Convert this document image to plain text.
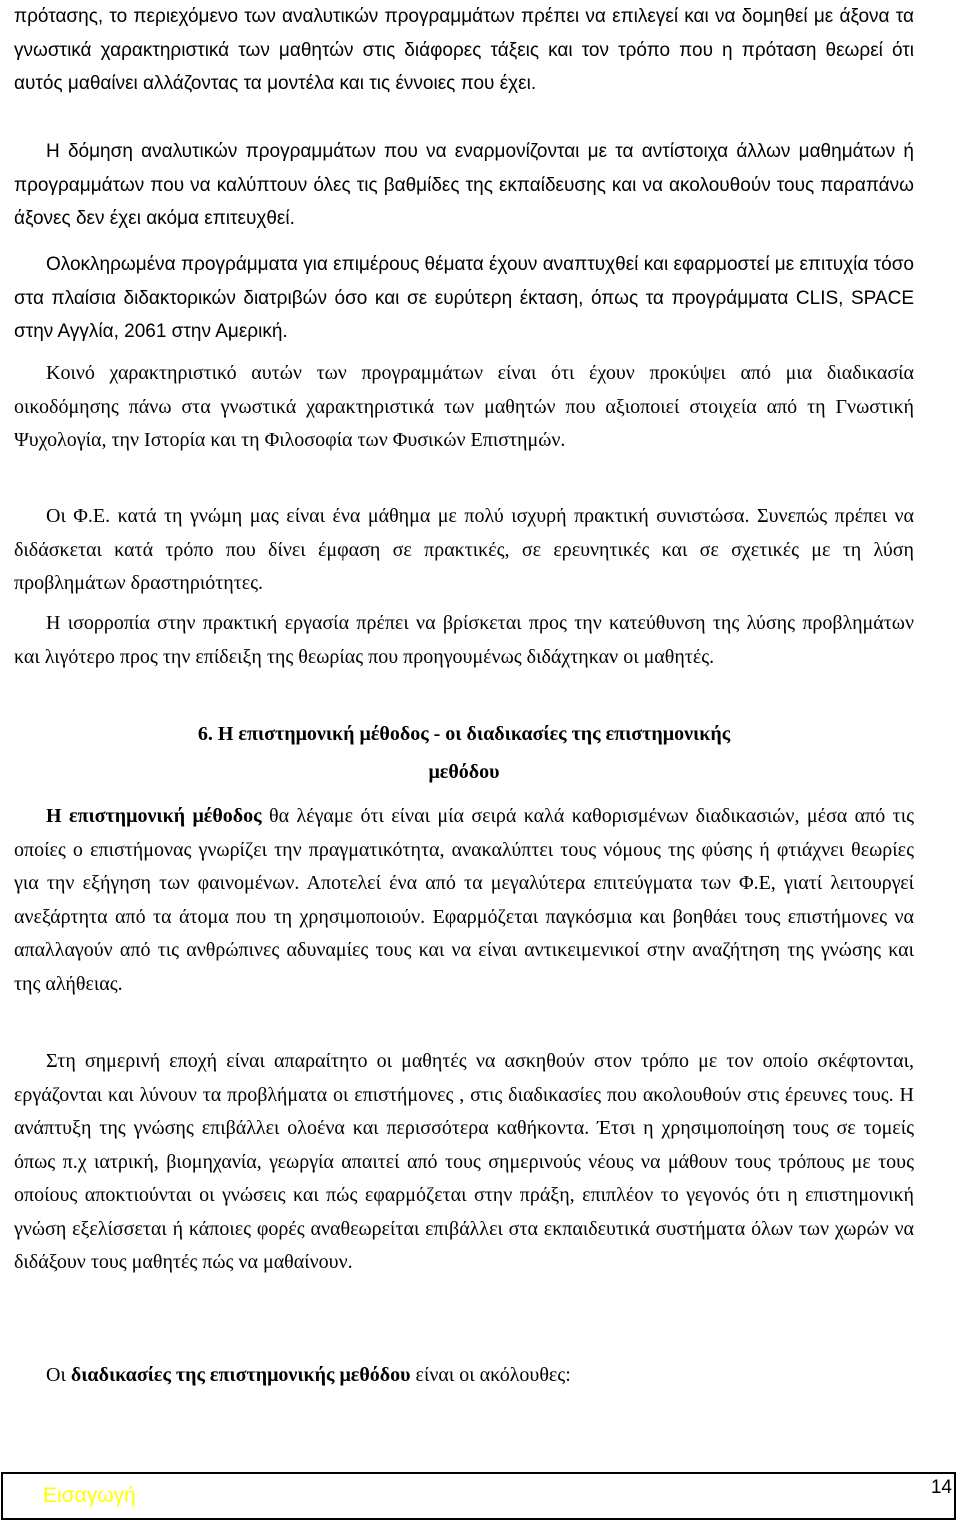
πρότασης, το περιεχόμενο των αναλυτικών προγραμμάτων πρέπει να επιλεγεί και να δομηθεί με άξονα τα γνωστικά χαρακτηριστικά των μαθητών στις διάφορες τάξεις και τον τρόπο που η πρόταση θεωρεί ότι αυτός μαθαίνει αλλάζοντας τα μοντέλα και τις έννοιες που έχει.

Η δόμηση αναλυτικών προγραμμάτων που να εναρμονίζονται με τα αντίστοιχα άλλων μαθημάτων ή προγραμμάτων που να καλύπτουν όλες τις βαθμίδες της εκπαίδευσης και να ακολουθούν τους παραπάνω άξονες δεν έχει ακόμα επιτευχθεί.

Ολοκληρωμένα προγράμματα για επιμέρους θέματα έχουν αναπτυχθεί και εφαρμοστεί με επιτυχία τόσο στα πλαίσια διδακτορικών διατριβών όσο και σε ευρύτερη έκταση, όπως τα προγράμματα CLIS, SPACE στην Αγγλία, 2061 στην Αμερική.

Κοινό χαρακτηριστικό αυτών των προγραμμάτων είναι ότι έχουν προκύψει από μια διαδικασία οικοδόμησης πάνω στα γνωστικά χαρακτηριστικά των μαθητών που αξιοποιεί στοιχεία από τη Γνωστική Ψυχολογία, την Ιστορία και τη Φιλοσοφία των Φυσικών Επιστημών.

Οι Φ.Ε. κατά τη γνώμη μας είναι ένα μάθημα με πολύ ισχυρή πρακτική συνιστώσα. Συνεπώς πρέπει να διδάσκεται κατά τρόπο που δίνει έμφαση σε πρακτικές, σε ερευνητικές και σε σχετικές με τη λύση προβλημάτων δραστηριότητες.

Η ισορροπία στην πρακτική εργασία πρέπει να βρίσκεται προς την κατεύθυνση της λύσης προβλημάτων και λιγότερο προς την επίδειξη της θεωρίας που προηγουμένως διδάχτηκαν οι μαθητές.

6. Η επιστημονική μέθοδος - οι διαδικασίες της επιστημονικής
μεθόδου

Η επιστημονική μέθοδος θα λέγαμε ότι είναι μία σειρά καλά καθορισμένων διαδικασιών, μέσα από τις οποίες ο επιστήμονας γνωρίζει την πραγματικότητα, ανακαλύπτει τους νόμους της φύσης ή φτιάχνει θεωρίες για την εξήγηση των φαινομένων. Αποτελεί ένα από τα μεγαλύτερα επιτεύγματα των Φ.Ε, γιατί λειτουργεί ανεξάρτητα από τα άτομα που τη χρησιμοποιούν. Εφαρμόζεται παγκόσμια και βοηθάει τους επιστήμονες να απαλλαγούν από τις ανθρώπινες αδυναμίες τους και να είναι αντικειμενικοί στην αναζήτηση της γνώσης και της αλήθειας.

Στη σημερινή εποχή είναι απαραίτητο οι μαθητές να ασκηθούν στον τρόπο με τον οποίο σκέφτονται, εργάζονται και λύνουν τα προβλήματα οι επιστήμονες , στις διαδικασίες που ακολουθούν στις έρευνες τους. Η ανάπτυξη της γνώσης επιβάλλει ολοένα και περισσότερα καθήκοντα. Έτσι η χρησιμοποίηση τους σε τομείς όπως π.χ ιατρική, βιομηχανία, γεωργία απαιτεί από τους σημερινούς νέους να μάθουν τους τρόπους με τους οποίους αποκτιούνται οι γνώσεις και πώς εφαρμόζεται στην πράξη, επιπλέον το γεγονός ότι η επιστημονική γνώση εξελίσσεται ή κάποιες φορές αναθεωρείται επιβάλλει στα εκπαιδευτικά συστήματα όλων των χωρών να διδάξουν τους μαθητές πώς να μαθαίνουν.

Οι διαδικασίες της επιστημονικής μεθόδου είναι οι ακόλουθες:

Εισαγωγή	14
